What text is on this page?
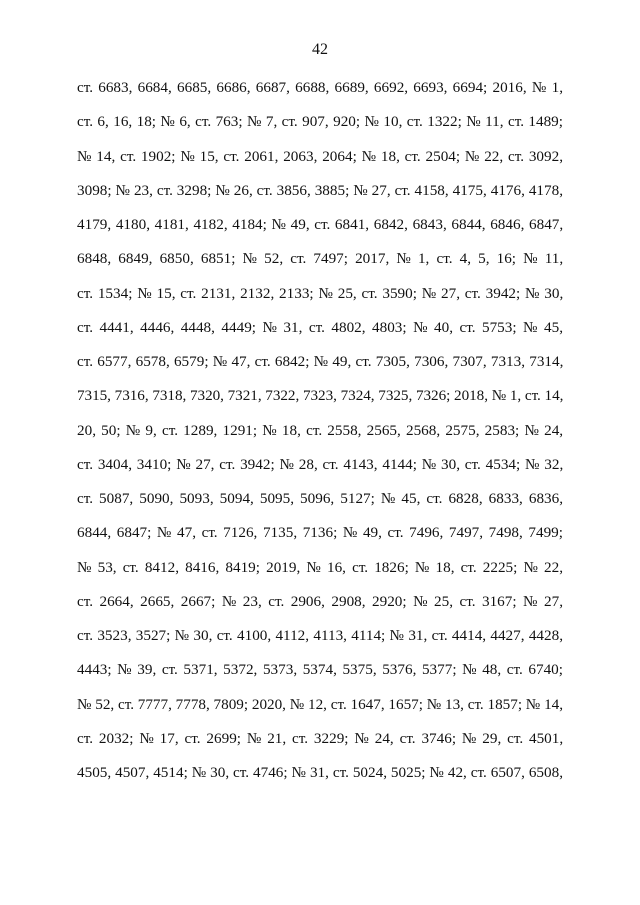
42
ст. 6683, 6684, 6685, 6686, 6687, 6688, 6689, 6692, 6693, 6694; 2016, № 1,
ст. 6, 16, 18; № 6, ст. 763; № 7, ст. 907, 920; № 10, ст. 1322; № 11, ст. 1489;
№ 14, ст. 1902; № 15, ст. 2061, 2063, 2064; № 18, ст. 2504; № 22, ст. 3092,
3098; № 23, ст. 3298; № 26, ст. 3856, 3885; № 27, ст. 4158, 4175, 4176, 4178,
4179, 4180, 4181, 4182, 4184; № 49, ст. 6841, 6842, 6843, 6844, 6846, 6847,
6848, 6849, 6850, 6851; № 52, ст. 7497; 2017, № 1, ст. 4, 5, 16; № 11,
ст. 1534; № 15, ст. 2131, 2132, 2133; № 25, ст. 3590; № 27, ст. 3942; № 30,
ст. 4441, 4446, 4448, 4449; № 31, ст. 4802, 4803; № 40, ст. 5753; № 45,
ст. 6577, 6578, 6579; № 47, ст. 6842; № 49, ст. 7305, 7306, 7307, 7313, 7314,
7315, 7316, 7318, 7320, 7321, 7322, 7323, 7324, 7325, 7326; 2018, № 1, ст. 14,
20, 50; № 9, ст. 1289, 1291; № 18, ст. 2558, 2565, 2568, 2575, 2583; № 24,
ст. 3404, 3410; № 27, ст. 3942; № 28, ст. 4143, 4144; № 30, ст. 4534; № 32,
ст. 5087, 5090, 5093, 5094, 5095, 5096, 5127; № 45, ст. 6828, 6833, 6836,
6844, 6847; № 47, ст. 7126, 7135, 7136; № 49, ст. 7496, 7497, 7498, 7499;
№ 53, ст. 8412, 8416, 8419; 2019, № 16, ст. 1826; № 18, ст. 2225; № 22,
ст. 2664, 2665, 2667; № 23, ст. 2906, 2908, 2920; № 25, ст. 3167; № 27,
ст. 3523, 3527; № 30, ст. 4100, 4112, 4113, 4114; № 31, ст. 4414, 4427, 4428,
4443; № 39, ст. 5371, 5372, 5373, 5374, 5375, 5376, 5377; № 48, ст. 6740;
№ 52, ст. 7777, 7778, 7809; 2020, № 12, ст. 1647, 1657; № 13, ст. 1857; № 14,
ст. 2032; № 17, ст. 2699; № 21, ст. 3229; № 24, ст. 3746; № 29, ст. 4501,
4505, 4507, 4514; № 30, ст. 4746; № 31, ст. 5024, 5025; № 42, ст. 6507, 6508,
